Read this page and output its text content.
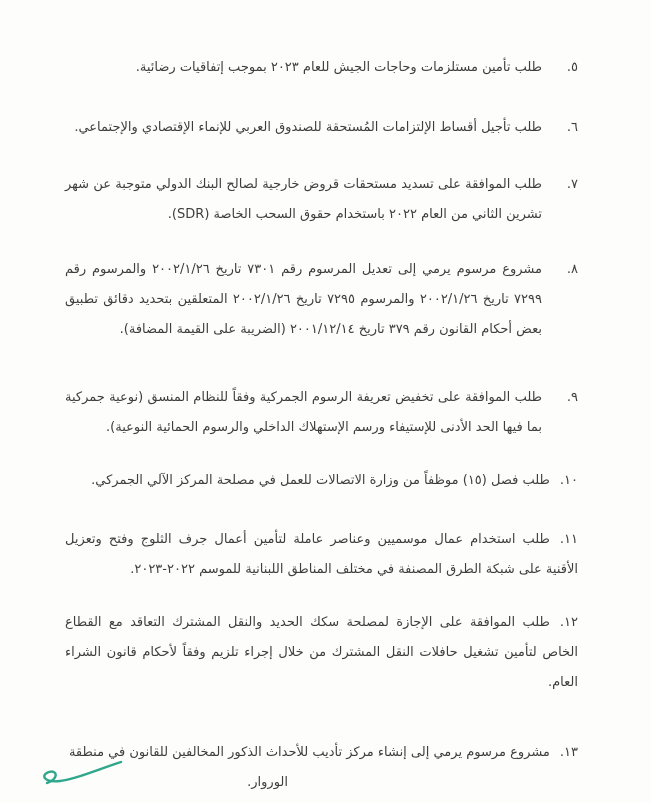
٥.

طلب تأمين مستلزمات وحاجات الجيش للعام ٢٠٢٣ بموجب إتفاقيات رضائية.

٦.

طلب تأجيل أقساط الإلتزامات المُستحقة للصندوق العربي للإنماء الإقتصادي والإجتماعي.

٧.

طلب الموافقة على تسديد مستحقات قروض خارجية لصالح البنك الدولي متوجبة عن شهر تشرين الثاني من العام ٢٠٢٢ باستخدام حقوق السحب الخاصة (SDR).

٨.

مشروع مرسوم يرمي إلى تعديل المرسوم رقم ٧٣٠١ تاريخ ٢٠٠٢/١/٢٦ والمرسوم رقم ٧٢٩٩ تاريخ ٢٠٠٢/١/٢٦ والمرسوم ٧٢٩٥ تاريخ ٢٠٠٢/١/٢٦ المتعلقين بتحديد دقائق تطبيق بعض أحكام القانون رقم ٣٧٩ تاريخ ٢٠٠١/١٢/١٤ (الضريبة على القيمة المضافة).

٩.

طلب الموافقة على تخفيض تعريفة الرسوم الجمركية وفقاً للنظام المنسق (نوعية جمركية بما فيها الحد الأدنى للإستيفاء ورسم الإستهلاك الداخلي والرسوم الحمائية النوعية).

١٠.طلب فصل (١٥) موظفاً من وزارة الاتصالات للعمل في مصلحة المركز الآلي الجمركي.

١١.طلب استخدام عمال موسميين وعناصر عاملة لتأمين أعمال جرف الثلوج وفتح وتعزيل الأقنية على شبكة الطرق المصنفة في مختلف المناطق اللبنانية للموسم ٢٠٢٢-٢٠٢٣.

١٢.طلب الموافقة على الإجازة لمصلحة سكك الحديد والنقل المشترك التعاقد مع القطاع الخاص لتأمين تشغيل حافلات النقل المشترك من خلال إجراء تلزيم وفقاً لأحكام قانون الشراء العام.

١٣.مشروع مرسوم يرمي إلى إنشاء مركز تأديب للأحداث الذكور المخالفين للقانون في منطقة
الوروار.
